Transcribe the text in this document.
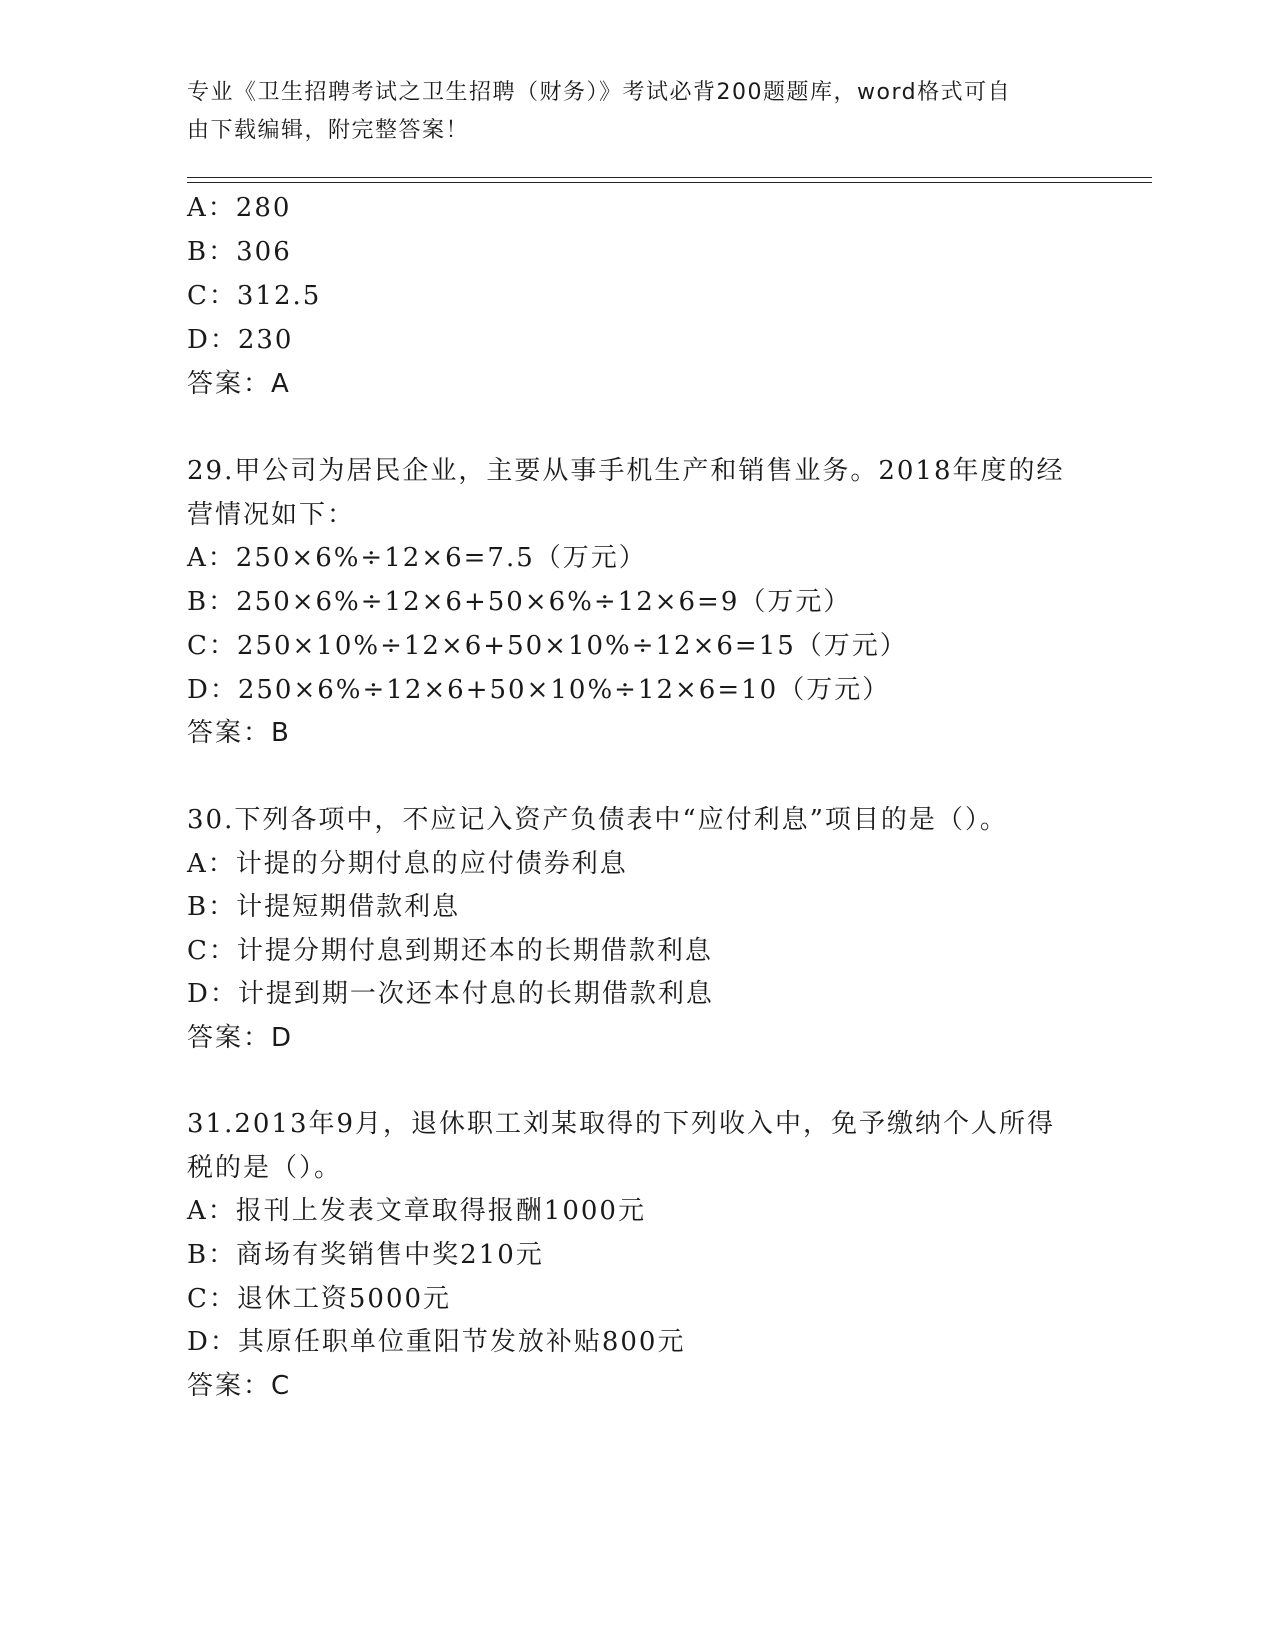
专业《卫生招聘考试之卫生招聘（财务）》考试必背200题题库，word格式可自
由下载编辑，附完整答案！
A：280
B：306
C：312.5
D：230
答案：A
29.甲公司为居民企业，主要从事手机生产和销售业务。2018年度的经
营情况如下：
A：250×6%÷12×6=7.5（万元）
B：250×6%÷12×6+50×6%÷12×6=9（万元）
C：250×10%÷12×6+50×10%÷12×6=15（万元）
D：250×6%÷12×6+50×10%÷12×6=10（万元）
答案：B
30.下列各项中，不应记入资产负债表中“应付利息”项目的是（）。
A：计提的分期付息的应付债券利息
B：计提短期借款利息
C：计提分期付息到期还本的长期借款利息
D：计提到期一次还本付息的长期借款利息
答案：D
31.2013年9月，退休职工刘某取得的下列收入中，免予缴纳个人所得
税的是（）。
A：报刊上发表文章取得报酬1000元
B：商场有奖销售中奖210元
C：退休工资5000元
D：其原任职单位重阳节发放补贴800元
答案：C
